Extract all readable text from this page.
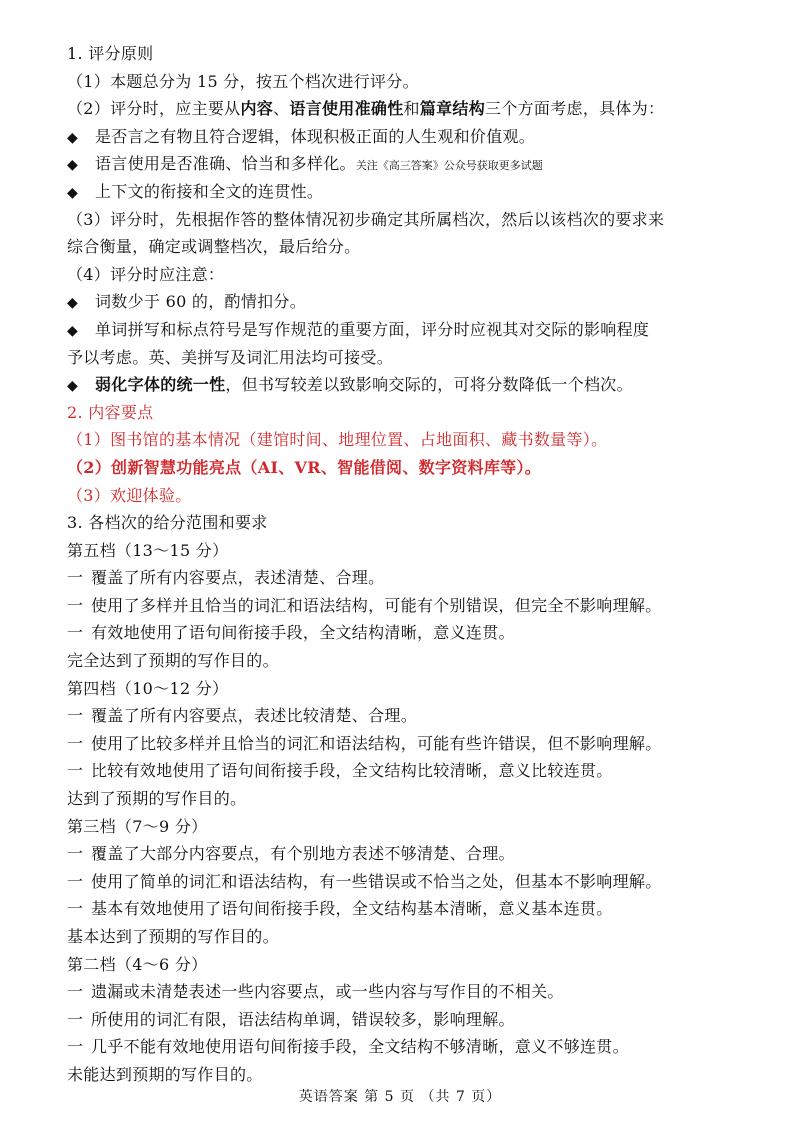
1. 评分原则
（1）本题总分为 15 分，按五个档次进行评分。
（2）评分时，应主要从内容、语言使用准确性和篇章结构三个方面考虑，具体为：
◆ 是否言之有物且符合逻辑，体现积极正面的人生观和价值观。
◆ 语言使用是否准确、恰当和多样化。关注《高三答案》公众号获取更多试题
◆ 上下文的衔接和全文的连贯性。
（3）评分时，先根据作答的整体情况初步确定其所属档次，然后以该档次的要求来
综合衡量，确定或调整档次，最后给分。
（4）评分时应注意：
◆ 词数少于 60 的，酌情扣分。
◆ 单词拼写和标点符号是写作规范的重要方面，评分时应视其对交际的影响程度
予以考虑。英、美拼写及词汇用法均可接受。
◆ 弱化字体的统一性，但书写较差以致影响交际的，可将分数降低一个档次。
2. 内容要点
（1）图书馆的基本情况（建馆时间、地理位置、占地面积、藏书数量等）。
（2）创新智慧功能亮点（AI、VR、智能借阅、数字资料库等）。
（3）欢迎体验。
3. 各档次的给分范围和要求
第五档（13～15 分）
一 覆盖了所有内容要点，表述清楚、合理。
一 使用了多样并且恰当的词汇和语法结构，可能有个别错误，但完全不影响理解。
一 有效地使用了语句间衔接手段，全文结构清晰，意义连贯。
完全达到了预期的写作目的。
第四档（10～12 分）
一 覆盖了所有内容要点，表述比较清楚、合理。
一 使用了比较多样并且恰当的词汇和语法结构，可能有些许错误，但不影响理解。
一 比较有效地使用了语句间衔接手段，全文结构比较清晰，意义比较连贯。
达到了预期的写作目的。
第三档（7～9 分）
一 覆盖了大部分内容要点，有个别地方表述不够清楚、合理。
一 使用了简单的词汇和语法结构，有一些错误或不恰当之处，但基本不影响理解。
一 基本有效地使用了语句间衔接手段，全文结构基本清晰，意义基本连贯。
基本达到了预期的写作目的。
第二档（4～6 分）
一 遗漏或未清楚表述一些内容要点，或一些内容与写作目的不相关。
一 所使用的词汇有限，语法结构单调，错误较多，影响理解。
一 几乎不能有效地使用语句间衔接手段，全文结构不够清晰，意义不够连贯。
未能达到预期的写作目的。
英语答案 第 5 页 （共 7 页）
